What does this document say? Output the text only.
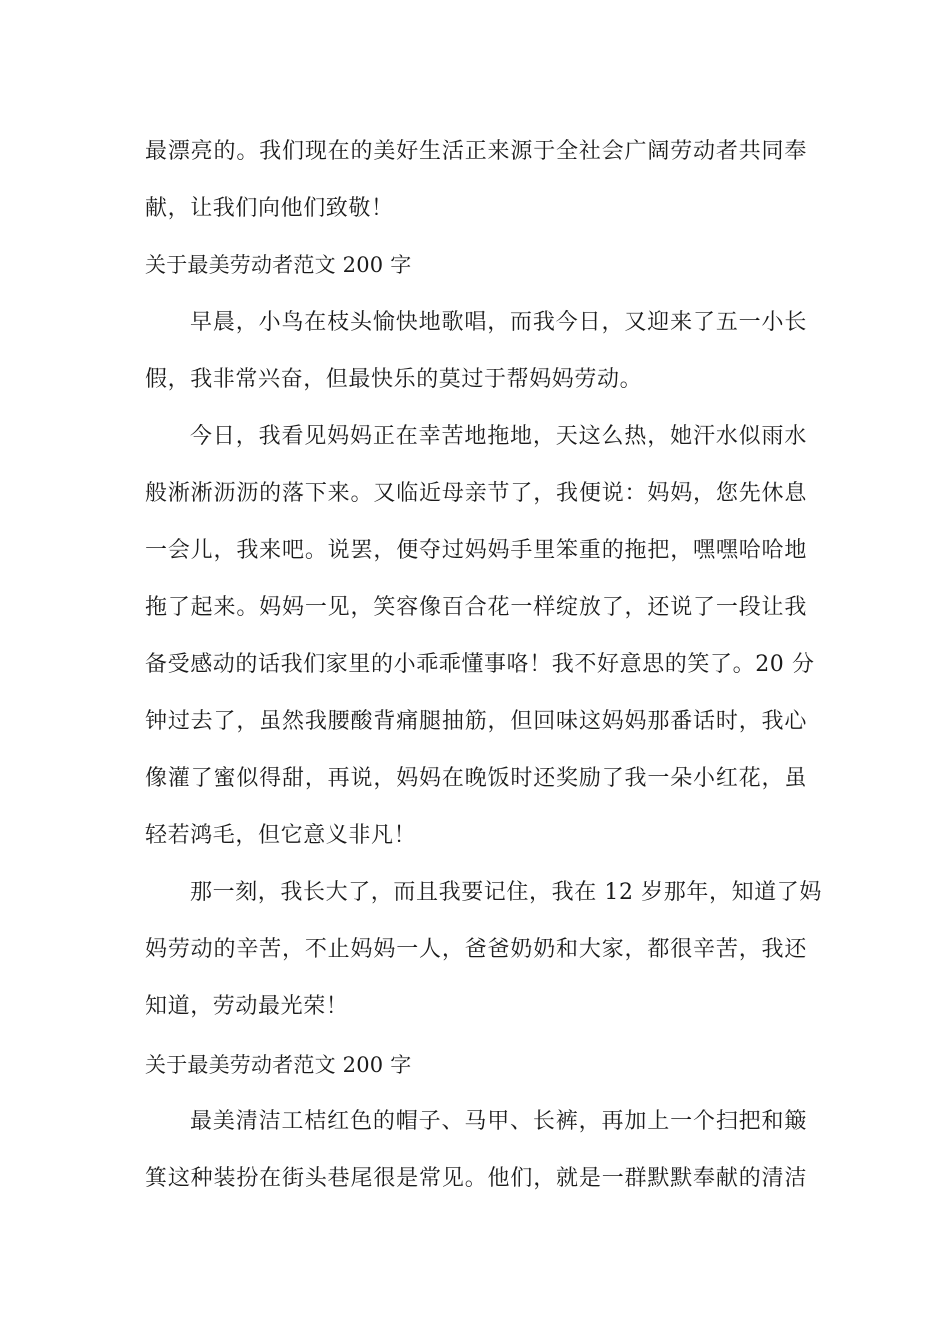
最漂亮的。我们现在的美好生活正来源于全社会广阔劳动者共同奉

献，让我们向他们致敬！

关于最美劳动者范文 200 字

早晨，小鸟在枝头愉快地歌唱，而我今日，又迎来了五一小长

假，我非常兴奋，但最快乐的莫过于帮妈妈劳动。

今日，我看见妈妈正在幸苦地拖地，天这么热，她汗水似雨水

般淅淅沥沥的落下来。又临近母亲节了，我便说：妈妈，您先休息

一会儿，我来吧。说罢，便夺过妈妈手里笨重的拖把，嘿嘿哈哈地

拖了起来。妈妈一见，笑容像百合花一样绽放了，还说了一段让我

备受感动的话我们家里的小乖乖懂事咯！我不好意思的笑了。20 分

钟过去了，虽然我腰酸背痛腿抽筋，但回味这妈妈那番话时，我心

像灌了蜜似得甜，再说，妈妈在晚饭时还奖励了我一朵小红花，虽

轻若鸿毛，但它意义非凡！

那一刻，我长大了，而且我要记住，我在 12 岁那年，知道了妈

妈劳动的辛苦，不止妈妈一人，爸爸奶奶和大家，都很辛苦，我还

知道，劳动最光荣！

关于最美劳动者范文 200 字

最美清洁工桔红色的帽子、马甲、长裤，再加上一个扫把和簸

箕这种装扮在街头巷尾很是常见。他们，就是一群默默奉献的清洁
